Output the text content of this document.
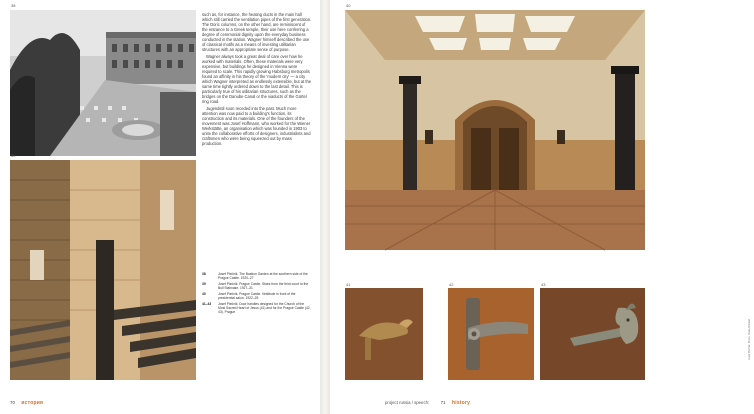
38
39

such as, for instance, the heating ducts in the main hall which still carried the ventilation pipes of the first generation. The Doric columns, on the other hand, are reminiscent of the entrance to a Greek temple, their use here conferring a degree of ceremonial dignity upon the everyday business conducted in the station. Wagner himself described the use of classical motifs as a means of investing utilitarian structures with an appropriate sense of purpose.

Wagner always took a great deal of care over how he worked with materials. Often, these materials were very expensive, but buildings he designed in Vienna were required to scale. This rapidly growing Habsburg metropolis found an affinity in his theory of the 'modern city' — a city which Wagner interpreted as endlessly extensible, but at the same time tightly ordered down to the last detail. This is particularly true of his utilitarian structures, such as the bridges on the Danube Canal or the viaducts of the Gürtel ring road.

Jugendstil soon receded into the past. Much more attention was now paid to a building's function, its construction and its materials. One of the founders of the movement was Josef Hoffmann, who worked for the Wiener Werkstätte, an organisation which was founded in 1903 to unite the collaborative efforts of designers, industrialists and craftsmen who were being squeezed out by mass production.

38	Josef Plečnik. The Bastion Garden at the southern side of the Prague Castle. 1920–27
39	Josef Plečnik. Prague Castle. Stairs from the third court to the Bull Staircase. 1927–31
40	Josef Plečnik. Prague Castle. Vestibule in front of the presidential salon. 1922–25
41–43	Josef Plečnik. Door handles designed for the Church of the Most Sacred Heart of Jesus (41) and for the Prague Castle (42, 43). Prague
70 история
40
41
Josef Plečnik. Photo: Vlado Bohdan
42	43
project russia / speech:	71 history
